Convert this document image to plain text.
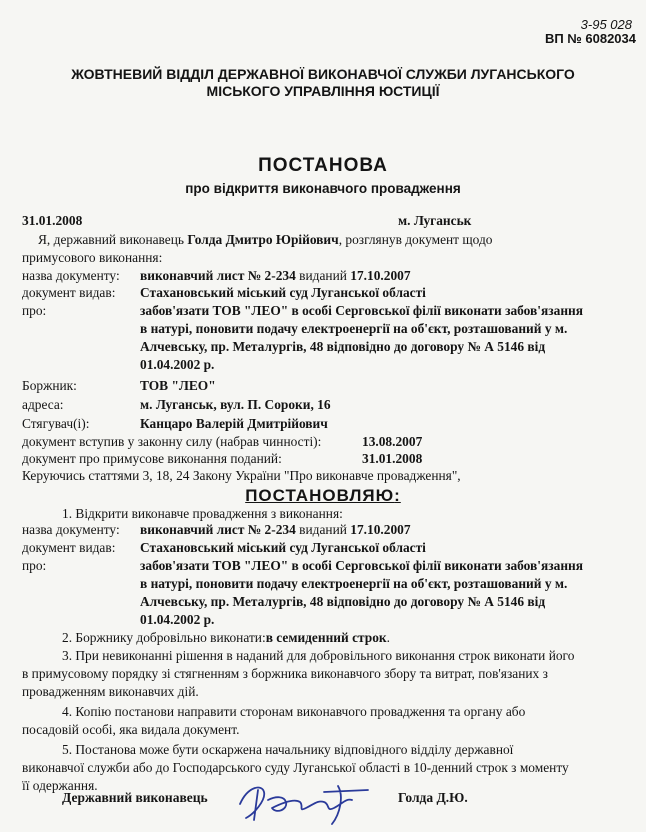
3-95 028
ВП № 6082034
ЖОВТНЕВИЙ ВІДДІЛ ДЕРЖАВНОЇ ВИКОНАВЧОЇ СЛУЖБИ ЛУГАНСЬКОГО
МІСЬКОГО УПРАВЛІННЯ ЮСТИЦІЇ
ПОСТАНОВА
про відкриття виконавчого провадження
31.01.2008	м. Луганськ
Я, державний виконавець Голда Дмитро Юрійович, розглянув документ щодо
примусового виконання:
назва документу: виконавчий лист № 2-234 виданий 17.10.2007
документ видав: Стахановський міський суд Луганської області
про:	забов'язати ТОВ "ЛЕО" в особі Сергoвської філії виконати забов'язання
в натурі, поновити подачу електроенергії на об'єкт, розташований у м.
Алчевську, пр. Металургів, 48 відповідно до договору № А 5146 від
01.04.2002 р.
Боржник:	ТОВ "ЛЕО"
адреса:	м. Луганськ, вул. П. Сороки, 16
Стягувач(і):	Канцаро Валерій Дмитрійович
документ вступив у законну силу (набрав чинності):	13.08.2007
документ про примусове виконання поданий:	31.01.2008
Керуючись статтями 3, 18, 24 Закону України "Про виконавче провадження",
ПОСТАНОВЛЯЮ:
1. Відкрити виконавче провадження з виконання:
назва документу: виконавчий лист № 2-234 виданий 17.10.2007
документ видав: Стахановський міський суд Луганської області
про:	забов'язати ТОВ "ЛЕО" в особі Сергoвської філії виконати забов'язання
в натурі, поновити подачу електроенергії на об'єкт, розташований у м.
Алчевську, пр. Металургів, 48 відповідно до договору № А 5146 від
01.04.2002 р.
2. Боржнику добровільно виконати:в семиденний строк.
3. При невиконанні рішення в наданий для добровільного виконання строк виконати його
в примусовому порядку зі стягненням з боржника виконавчого збору та витрат, пов'язаних з
провадженням виконавчих дій.
4. Копію постанови направити сторонам виконавчого провадження та органу або
посадовій особі, яка видала документ.
5. Постанова може бути оскаржена начальнику відповідного відділу державної
виконавчої служби або до Господарського суду Луганської області в 10-денний строк з моменту
її одержання.
Державний виконавець	Голда Д.Ю.
